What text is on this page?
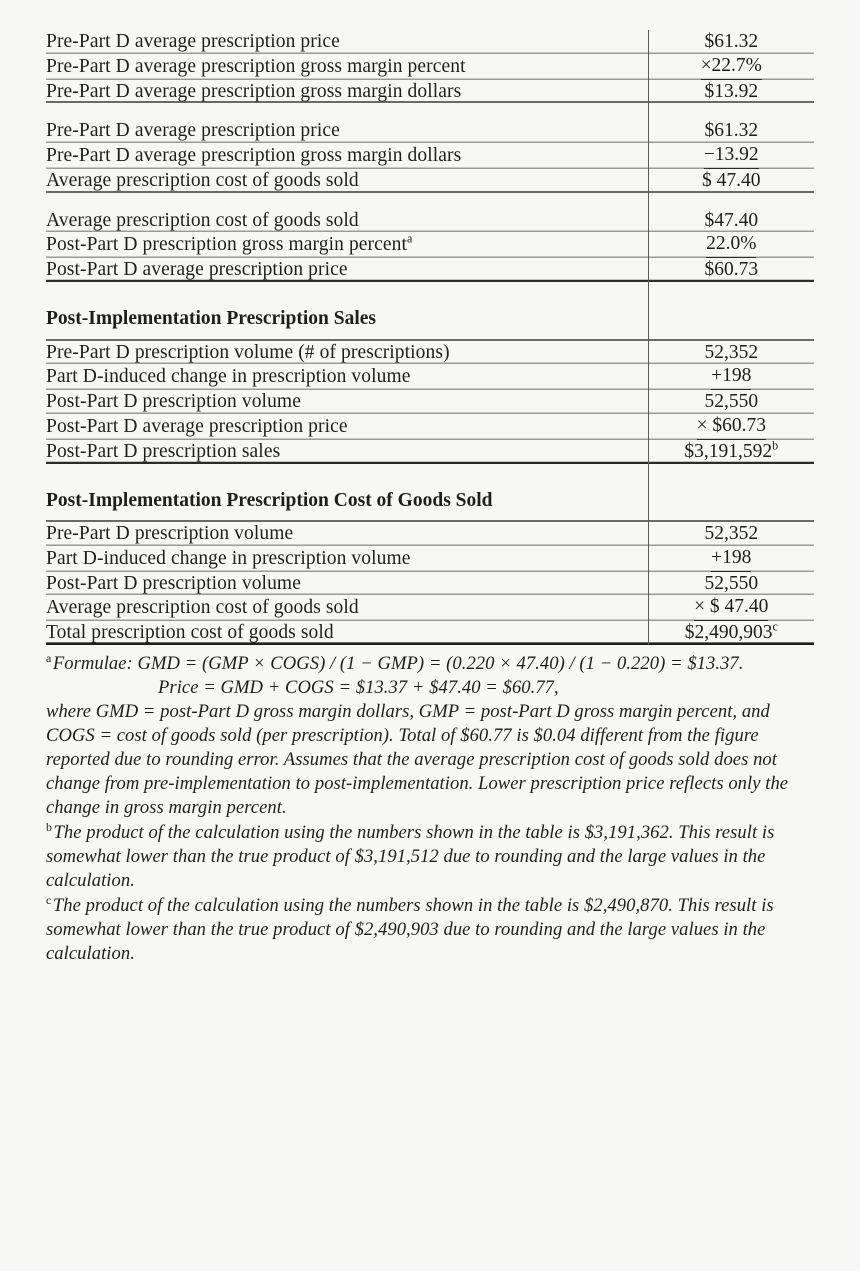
Pre-Part D average prescription price	$61.32
Pre-Part D average prescription gross margin percent	×22.7%
Pre-Part D average prescription gross margin dollars	$13.92

Pre-Part D average prescription price	$61.32
Pre-Part D average prescription gross margin dollars	−13.92
Average prescription cost of goods sold	$ 47.40

Average prescription cost of goods sold	$47.40
Post-Part D prescription gross margin percent$^a$	22.0%
Post-Part D average prescription price	$60.73

Post-Implementation Prescription Sales	
Pre-Part D prescription volume (# of prescriptions)	52,352
Part D-induced change in prescription volume	+198
Post-Part D prescription volume	52,550
Post-Part D average prescription price	× $60.73
Post-Part D prescription sales	$3,191,592$^b$

Post-Implementation Prescription Cost of Goods Sold	
Pre-Part D prescription volume	52,352
Part D-induced change in prescription volume	+198
Post-Part D prescription volume	52,550
Average prescription cost of goods sold	× $ 47.40
Total prescription cost of goods sold	$2,490,903$^c$

$^a$Formulae: GMD = (GMP × COGS) / (1 − GMP) = (0.220 × 47.40) / (1 − 0.220) = $13.37.
Price = GMD + COGS = $13.37 + $47.40 = $60.77,
where GMD = post-Part D gross margin dollars, GMP = post-Part D gross margin percent, and COGS = cost of goods sold (per prescription). Total of $60.77 is $0.04 different from the figure reported due to rounding error. Assumes that the average prescription cost of goods sold does not change from pre-implementation to post-implementation. Lower prescription price reflects only the change in gross margin percent.

$^b$The product of the calculation using the numbers shown in the table is $3,191,362. This result is somewhat lower than the true product of $3,191,512 due to rounding and the large values in the calculation.

$^c$The product of the calculation using the numbers shown in the table is $2,490,870. This result is somewhat lower than the true product of $2,490,903 due to rounding and the large values in the calculation.
